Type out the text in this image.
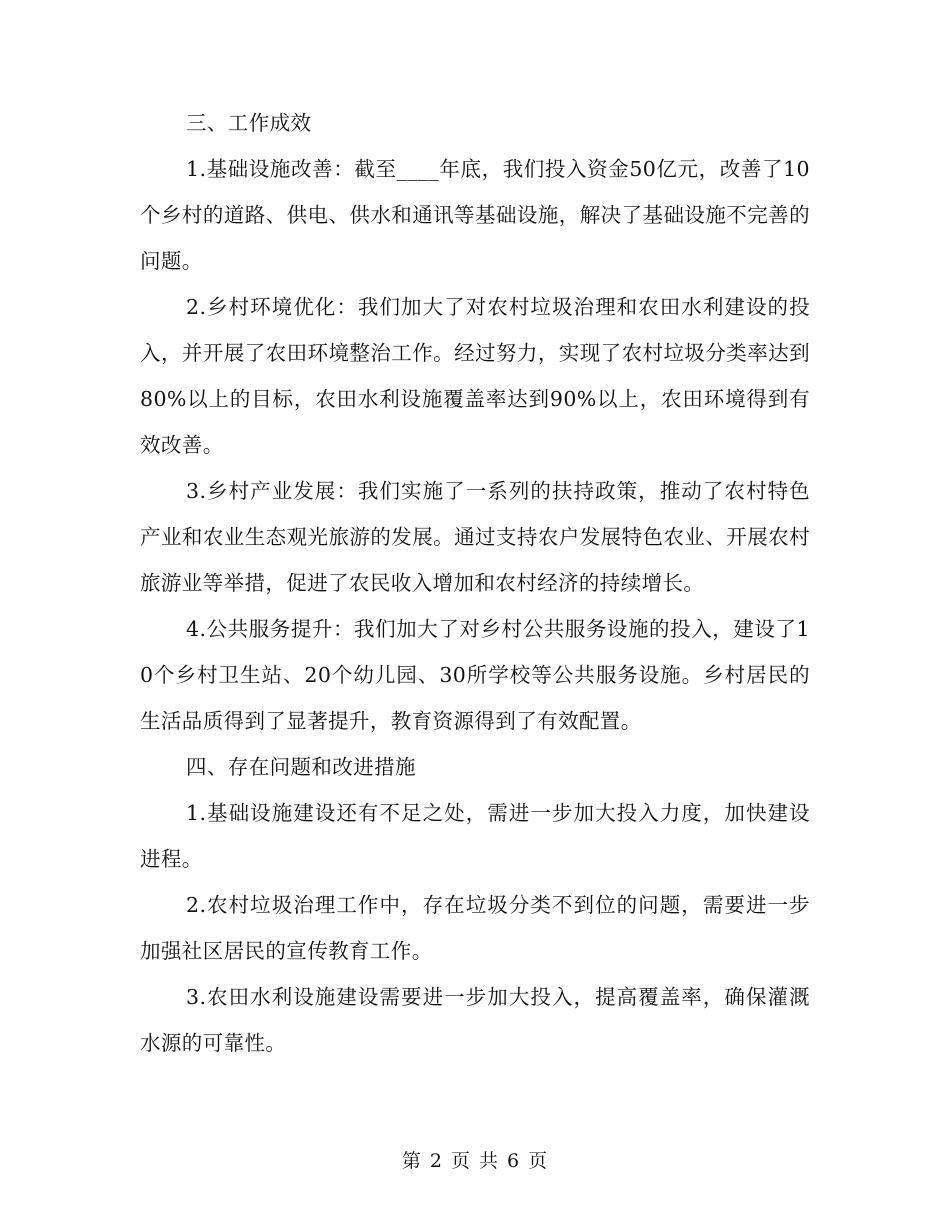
三、工作成效

1.基础设施改善：截至____年底，我们投入资金50亿元，改善了10个乡村的道路、供电、供水和通讯等基础设施，解决了基础设施不完善的问题。

2.乡村环境优化：我们加大了对农村垃圾治理和农田水利建设的投入，并开展了农田环境整治工作。经过努力，实现了农村垃圾分类率达到80%以上的目标，农田水利设施覆盖率达到90%以上，农田环境得到有效改善。

3.乡村产业发展：我们实施了一系列的扶持政策，推动了农村特色产业和农业生态观光旅游的发展。通过支持农户发展特色农业、开展农村旅游业等举措，促进了农民收入增加和农村经济的持续增长。

4.公共服务提升：我们加大了对乡村公共服务设施的投入，建设了10个乡村卫生站、20个幼儿园、30所学校等公共服务设施。乡村居民的生活品质得到了显著提升，教育资源得到了有效配置。

四、存在问题和改进措施

1.基础设施建设还有不足之处，需进一步加大投入力度，加快建设进程。

2.农村垃圾治理工作中，存在垃圾分类不到位的问题，需要进一步加强社区居民的宣传教育工作。

3.农田水利设施建设需要进一步加大投入，提高覆盖率，确保灌溉水源的可靠性。

第 2 页 共 6 页
